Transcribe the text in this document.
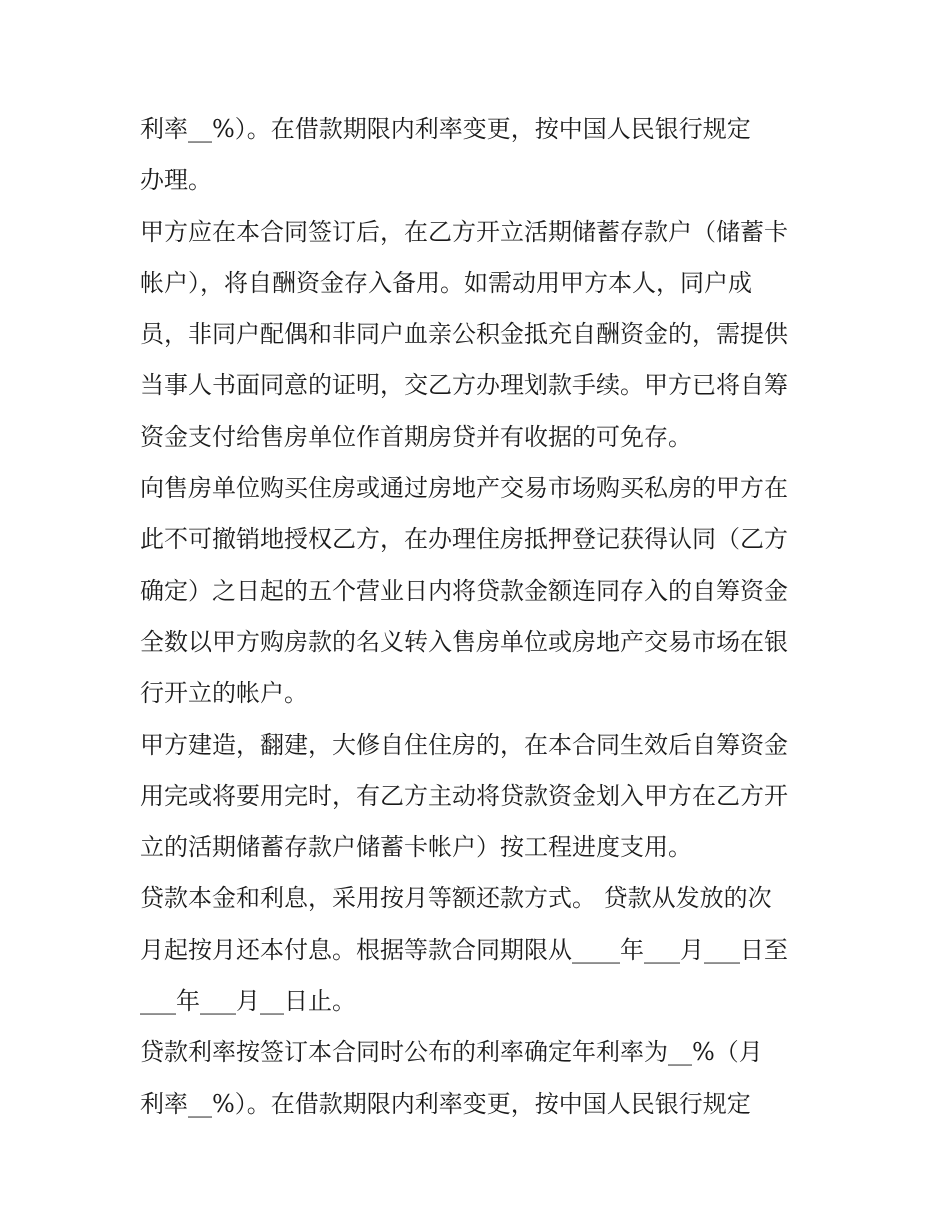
利率__%）。在借款期限内利率变更，按中国人民银行规定
办理。
甲方应在本合同签订后，在乙方开立活期储蓄存款户（储蓄卡
帐户），将自酬资金存入备用。如需动用甲方本人，同户成
员，非同户配偶和非同户血亲公积金抵充自酬资金的，需提供
当事人书面同意的证明，交乙方办理划款手续。甲方已将自筹
资金支付给售房单位作首期房贷并有收据的可免存。
向售房单位购买住房或通过房地产交易市场购买私房的甲方在
此不可撤销地授权乙方，在办理住房抵押登记获得认同（乙方
确定）之日起的五个营业日内将贷款金额连同存入的自筹资金
全数以甲方购房款的名义转入售房单位或房地产交易市场在银
行开立的帐户。
甲方建造，翻建，大修自住住房的，在本合同生效后自筹资金
用完或将要用完时，有乙方主动将贷款资金划入甲方在乙方开
立的活期储蓄存款户储蓄卡帐户）按工程进度支用。
贷款本金和利息，采用按月等额还款方式。 贷款从发放的次
月起按月还本付息。根据等款合同期限从____年___月___日至
___年___月__日止。
贷款利率按签订本合同时公布的利率确定年利率为__%（月
利率__%）。在借款期限内利率变更，按中国人民银行规定
